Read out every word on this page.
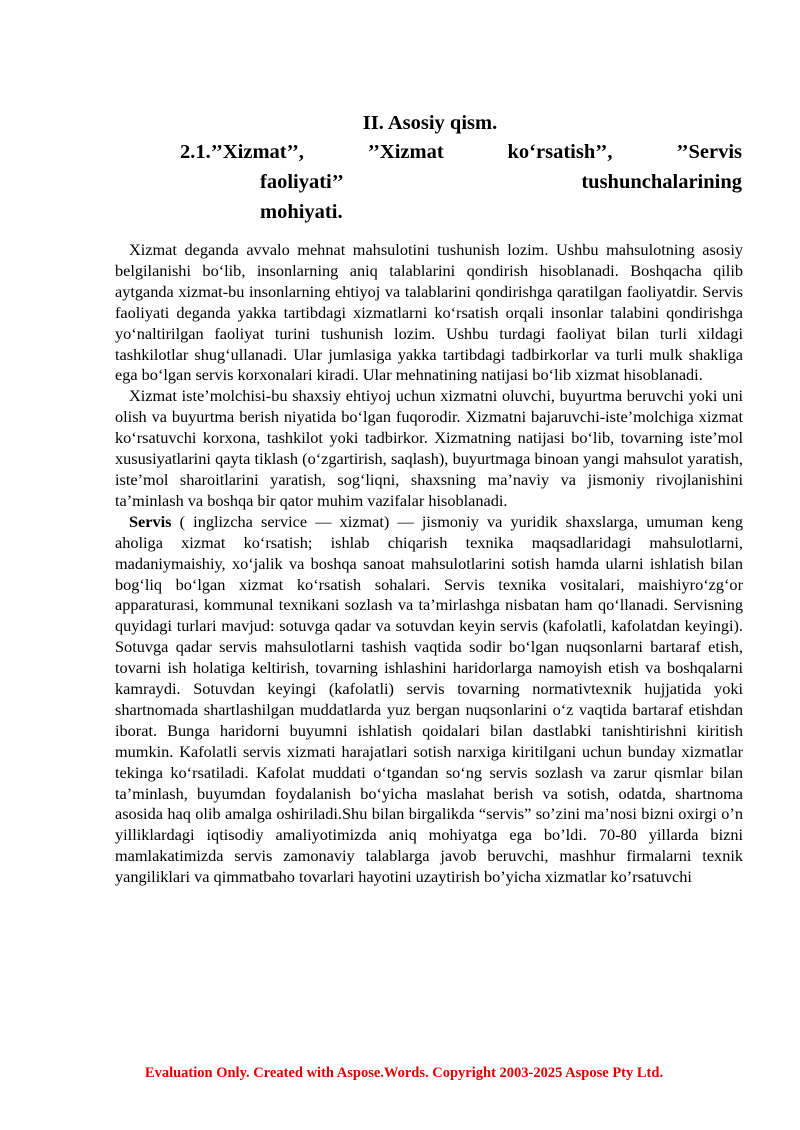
II. Asosiy qism.
2.1.’’Xizmat’’,	’’Xizmat	ko‘rsatish’’,	’’Servis
faoliyati’’	tushunchalarining
mohiyati.

Xizmat deganda avvalo mehnat mahsulotini tushunish lozim. Ushbu mahsulotning asosiy belgilanishi bo‘lib, insonlarning aniq talablarini qondirish hisoblanadi. Boshqacha qilib aytganda xizmat-bu insonlarning ehtiyoj va talablarini qondirishga qaratilgan faoliyatdir. Servis faoliyati deganda yakka tartibdagi xizmatlarni ko‘rsatish orqali insonlar talabini qondirishga yo‘naltirilgan faoliyat turini tushunish lozim. Ushbu turdagi faoliyat bilan turli xildagi tashkilotlar shug‘ullanadi. Ular jumlasiga yakka tartibdagi tadbirkorlar va turli mulk shakliga ega bo‘lgan servis korxonalari kiradi. Ular mehnatining natijasi bo‘lib xizmat hisoblanadi.

Xizmat iste’molchisi-bu shaxsiy ehtiyoj uchun xizmatni oluvchi, buyurtma beruvchi yoki uni olish va buyurtma berish niyatida bo‘lgan fuqorodir. Xizmatni bajaruvchi-iste’molchiga xizmat ko‘rsatuvchi korxona, tashkilot yoki tadbirkor. Xizmatning natijasi bo‘lib, tovarning iste’mol xususiyatlarini qayta tiklash (o‘zgartirish, saqlash), buyurtmaga binoan yangi mahsulot yaratish, iste’mol sharoitlarini yaratish, sog‘liqni, shaxsning ma’naviy va jismoniy rivojlanishini ta’minlash va boshqa bir qator muhim vazifalar hisoblanadi.

Servis ( inglizcha service — xizmat) — jismoniy va yuridik shaxslarga, umuman keng aholiga xizmat ko‘rsatish; ishlab chiqarish texnika maqsadlaridagi mahsulotlarni, madaniymaishiy, xo‘jalik va boshqa sanoat mahsulotlarini sotish hamda ularni ishlatish bilan bog‘liq bo‘lgan xizmat ko‘rsatish sohalari. Servis texnika vositalari, maishiyro‘zg‘or apparaturasi, kommunal texnikani sozlash va ta’mirlashga nisbatan ham qo‘llanadi. Servisning quyidagi turlari mavjud: sotuvga qadar va sotuvdan keyin servis (kafolatli, kafolatdan keyingi). Sotuvga qadar servis mahsulotlarni tashish vaqtida sodir bo‘lgan nuqsonlarni bartaraf etish, tovarni ish holatiga keltirish, tovarning ishlashini haridorlarga namoyish etish va boshqalarni kamraydi. Sotuvdan keyingi (kafolatli) servis tovarning normativtexnik hujjatida yoki shartnomada shartlashilgan muddatlarda yuz bergan nuqsonlarini o‘z vaqtida bartaraf etishdan iborat. Bunga haridorni buyumni ishlatish qoidalari bilan dastlabki tanishtirishni kiritish mumkin. Kafolatli servis xizmati harajatlari sotish narxiga kiritilgani uchun bunday xizmatlar tekinga ko‘rsatiladi. Kafolat muddati o‘tgandan so‘ng servis sozlash va zarur qismlar bilan ta’minlash, buyumdan foydalanish bo‘yicha maslahat berish va sotish, odatda, shartnoma asosida haq olib amalga oshiriladi.Shu bilan birgalikda “servis” so’zini ma’nosi bizni oxirgi o’n yilliklardagi iqtisodiy amaliyotimizda aniq mohiyatga ega bo’ldi. 70-80 yillarda bizni mamlakatimizda servis zamonaviy talablarga javob beruvchi, mashhur firmalarni texnik yangiliklari va qimmatbaho tovarlari hayotini uzaytirish bo’yicha xizmatlar ko’rsatuvchi

Evaluation Only. Created with Aspose.Words. Copyright 2003-2025 Aspose Pty Ltd.
